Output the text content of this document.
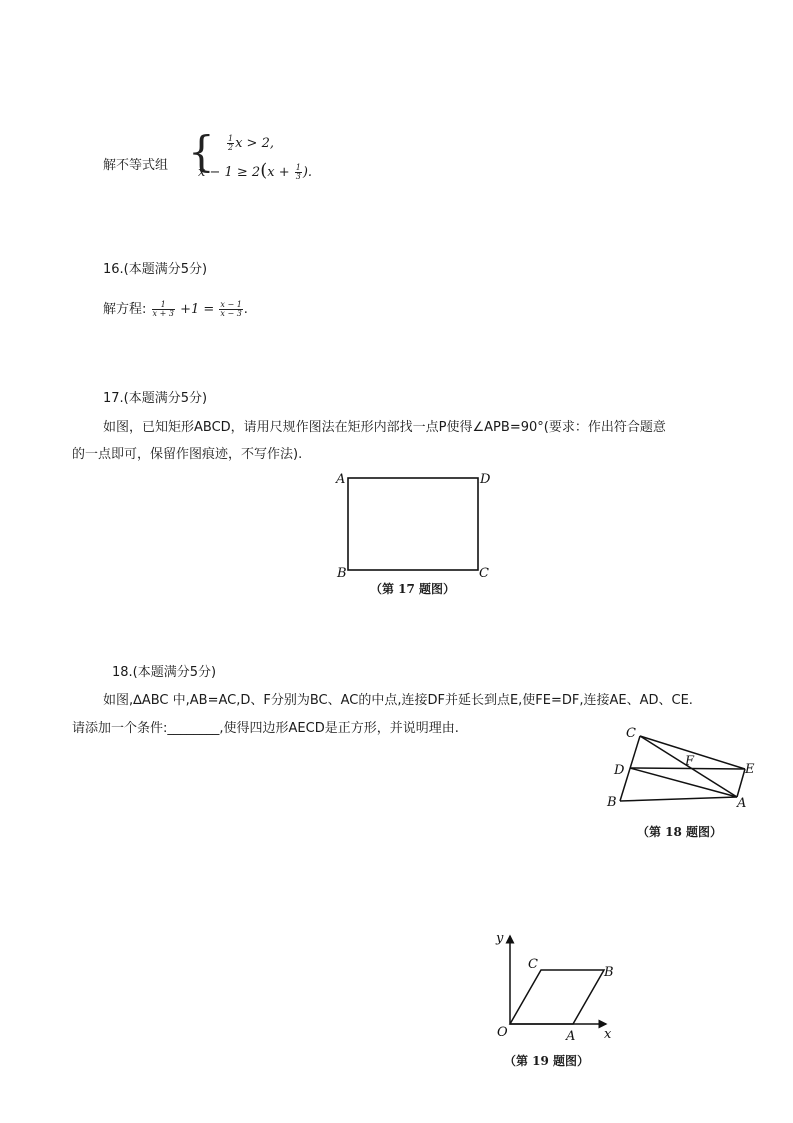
解不等式组 { $\frac{1}{2}$ x > 2,
$x - 1 \ge 2(x + \frac{1}{3}$ ).
16.(本题满分5分)
解方程: $\frac{1}{x + 3} +1 = \frac{x - 1}{x - 3}$ .
17.(本题满分5分)
如图，已知矩形ABCD，请用尺规作图法在矩形内部找一点P使得∠APB=90°(要求：作出符合题意
的一点即可，保留作图痕迹，不写作法).
A	D
B	C
（第 17 题图）
18.(本题满分5分)
如图,∆ABC 中,AB=AC,D、F分别为BC、AC的中点,连接DF并延长到点E,使FE=DF,连接AE、AD、CE.
请添加一个条件:________,使得四边形AECD是正方形，并说明理由.	C
D
B
F
E
A
（第 18 题图）
y
x
C
B
O	A
（第 19 题图）
